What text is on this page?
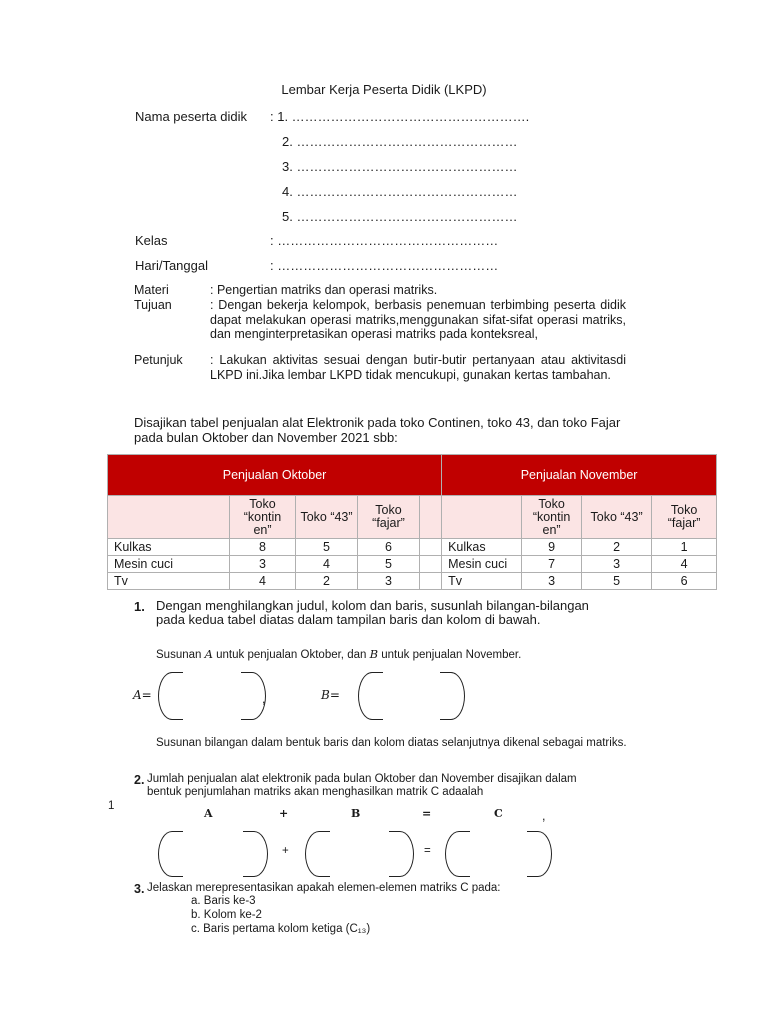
Lembar Kerja Peserta Didik (LKPD)
Nama peserta didik : 1. ……………………………………………….
2. ……………………………………………
3. ……………………………………………
4. ……………………………………………
5. ……………………………………………
Kelas	: ……………………………………………
Hari/Tanggal	: ……………………………………………
Materi	: Pengertian matriks dan operasi matriks.
Tujuan	: Dengan bekerja kelompok, berbasis penemuan terbimbing peserta didik dapat melakukan operasi matriks,menggunakan sifat-sifat operasi matriks, dan menginterpretasikan operasi matriks pada konteksreal,
Petunjuk : Lakukan aktivitas sesuai dengan butir-butir pertanyaan atau aktivitasdi LKPD ini.Jika lembar LKPD tidak mencukupi, gunakan kertas tambahan.
Disajikan tabel penjualan alat Elektronik pada toko Continen, toko 43, dan toko Fajar pada bulan Oktober dan November 2021 sbb:
Penjualan Oktober					Penjualan November			
	Toko “kontin en”	Toko “43”	Toko “fajar”			Toko “kontin en”	Toko “43”	Toko “fajar”
Kulkas	8	5	6		Kulkas	9	2	1
Mesin cuci	3	4	5		Mesin cuci	7	3	4
Tv	4	2	3		Tv	3	5	6
1. Dengan menghilangkan judul, kolom dan baris, susunlah bilangan-bilangan pada kedua tabel diatas dalam tampilan baris dan kolom di bawah.
Susunan A untuk penjualan Oktober, dan B untuk penjualan November.
A=	,	B=
Susunan bilangan dalam bentuk baris dan kolom diatas selanjutnya dikenal sebagai matriks.
2. Jumlah penjualan alat elektronik pada bulan Oktober dan November disajikan dalam
bentuk penjumlahan matriks akan menghasilkan matrik C adaalah
1
A	+	B	=	C	,
+	=
3. Jelaskan merepresentasikan apakah elemen-elemen matriks C pada:
a. Baris ke-3
b. Kolom ke-2
c. Baris pertama kolom ketiga (C₁₃)
